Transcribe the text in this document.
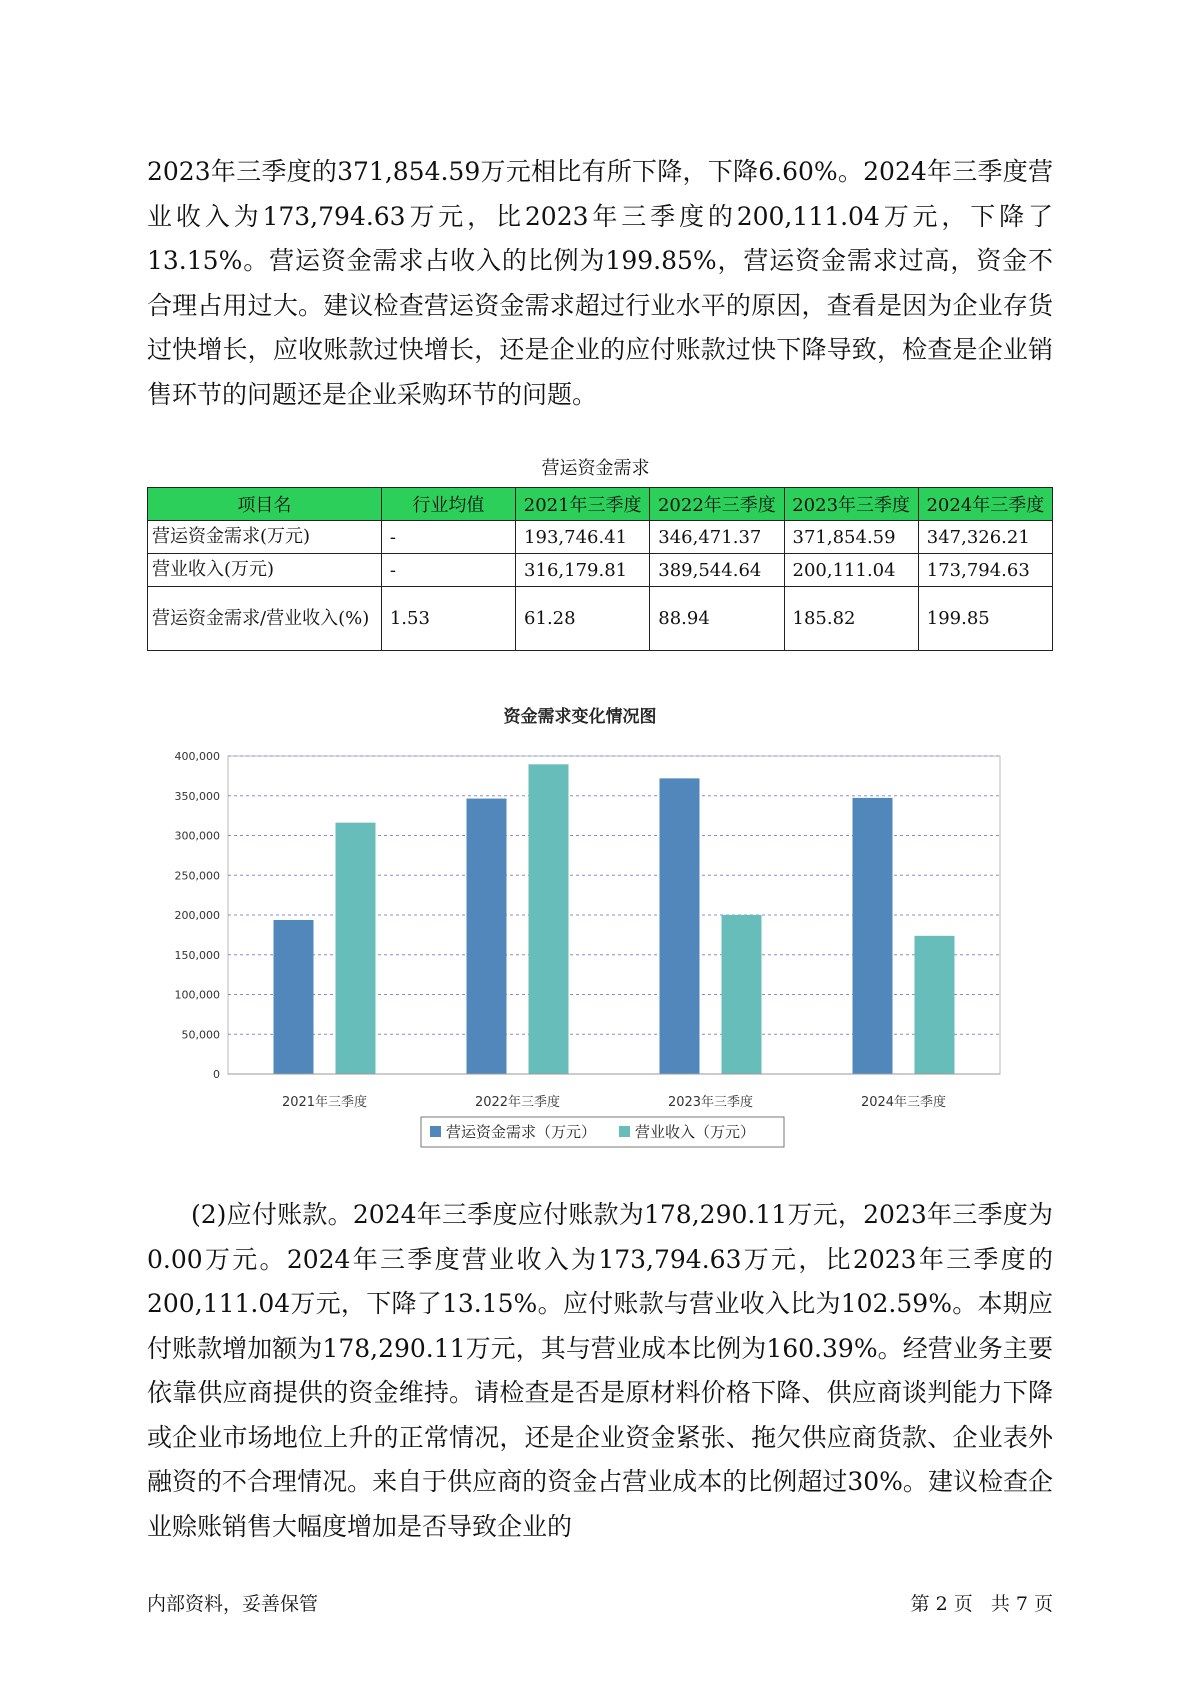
2023年三季度的371,854.59万元相比有所下降，下降6.60%。2024年三季度营业收入为173,794.63万元，比2023年三季度的200,111.04万元，下降了13.15%。营运资金需求占收入的比例为199.85%，营运资金需求过高，资金不合理占用过大。建议检查营运资金需求超过行业水平的原因，查看是因为企业存货过快增长，应收账款过快增长，还是企业的应付账款过快下降导致，检查是企业销售环节的问题还是企业采购环节的问题。

营运资金需求
项目名	行业均值	2021年三季度	2022年三季度	2023年三季度	2024年三季度
营运资金需求(万元)	-	193,746.41	346,471.37	371,854.59	347,326.21
营业收入(万元)	-	316,179.81	389,544.64	200,111.04	173,794.63
营运资金需求/营业收入(%)	1.53	61.28	88.94	185.82	199.85
资金需求变化情况图
0
50,000
100,000
150,000
200,000
250,000
300,000
350,000
400,000
2021年三季度	2022年三季度	2023年三季度	2024年三季度
营运资金需求（万元）	营业收入（万元）

(2)应付账款。2024年三季度应付账款为178,290.11万元，2023年三季度为0.00万元。2024年三季度营业收入为173,794.63万元，比2023年三季度的200,111.04万元，下降了13.15%。应付账款与营业收入比为102.59%。本期应付账款增加额为178,290.11万元，其与营业成本比例为160.39%。经营业务主要依靠供应商提供的资金维持。请检查是否是原材料价格下降、供应商谈判能力下降或企业市场地位上升的正常情况，还是企业资金紧张、拖欠供应商货款、企业表外融资的不合理情况。来自于供应商的资金占营业成本的比例超过30%。建议检查企业赊账销售大幅度增加是否导致企业的

内部资料，妥善保管	第 2 页   共 7 页
